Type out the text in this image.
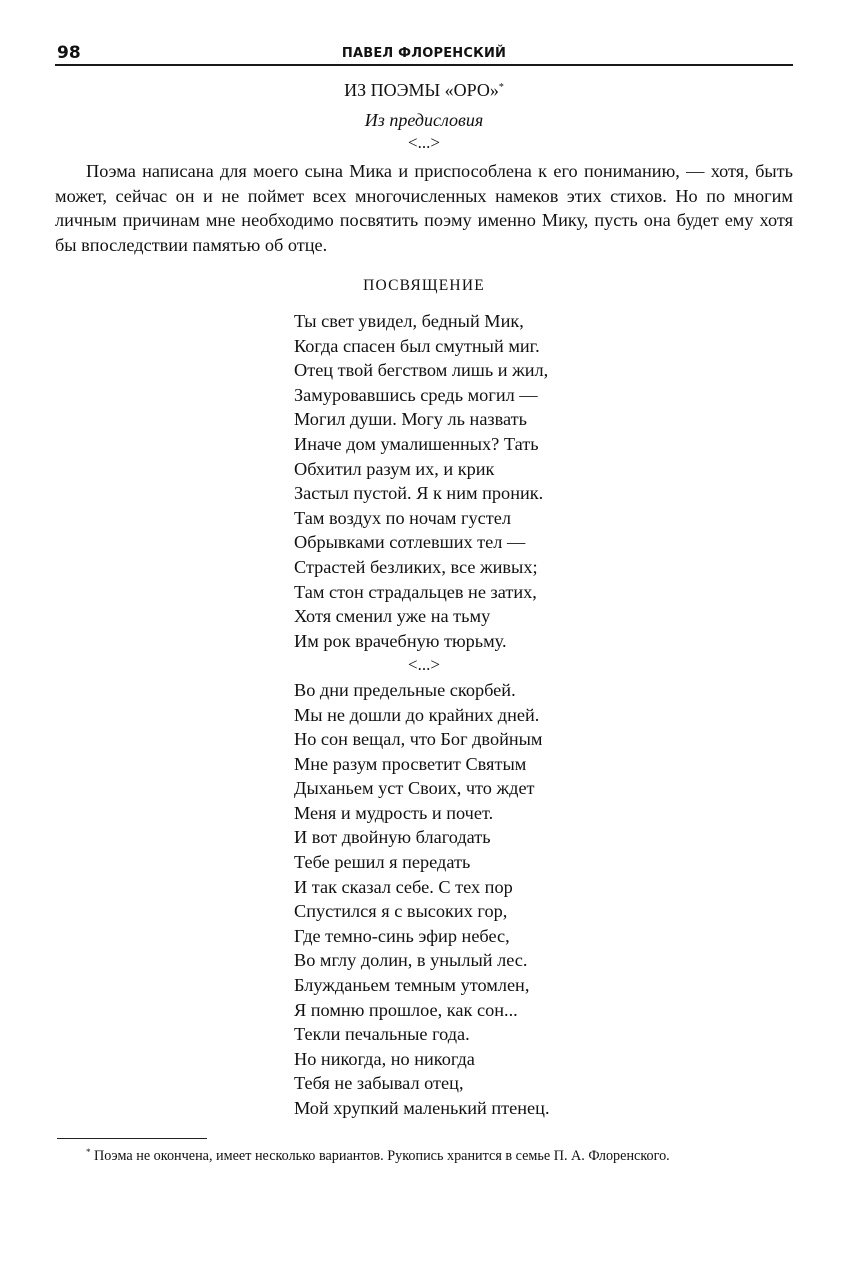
98	ПАВЕЛ ФЛОРЕНСКИЙ
ИЗ ПОЭМЫ «ОРО»*
Из предисловия
<...>

Поэма написана для моего сына Мика и приспособлена к его пониманию, — хотя, быть может, сейчас он и не поймет всех многочисленных намеков этих стихов. Но по многим личным причинам мне необходимо посвятить поэму именно Мику, пусть она будет ему хотя бы впоследствии памятью об отце.

ПОСВЯЩЕНИЕ
Ты свет увидел, бедный Мик,
Когда спасен был смутный миг.
Отец твой бегством лишь и жил,
Замуровавшись средь могил —
Могил души. Могу ль назвать
Иначе дом умалишенных? Тать
Обхитил разум их, и крик
Застыл пустой. Я к ним проник.
Там воздух по ночам густел
Обрывками сотлевших тел —
Страстей безликих, все живых;
Там стон страдальцев не затих,
Хотя сменил уже на тьму
Им рок врачебную тюрьму.
<...>
Во дни предельные скорбей.
Мы не дошли до крайних дней.
Но сон вещал, что Бог двойным
Мне разум просветит Святым
Дыханьем уст Своих, что ждет
Меня и мудрость и почет.
И вот двойную благодать
Тебе решил я передать
И так сказал себе. С тех пор
Спустился я с высоких гор,
Где темно-синь эфир небес,
Во мглу долин, в унылый лес.
Блужданьем темным утомлен,
Я помню прошлое, как сон...
Текли печальные года.
Но никогда, но никогда
Тебя не забывал отец,
Мой хрупкий маленький птенец.

* Поэма не окончена, имеет несколько вариантов. Рукопись хранится в семье П. А. Флоренского.
